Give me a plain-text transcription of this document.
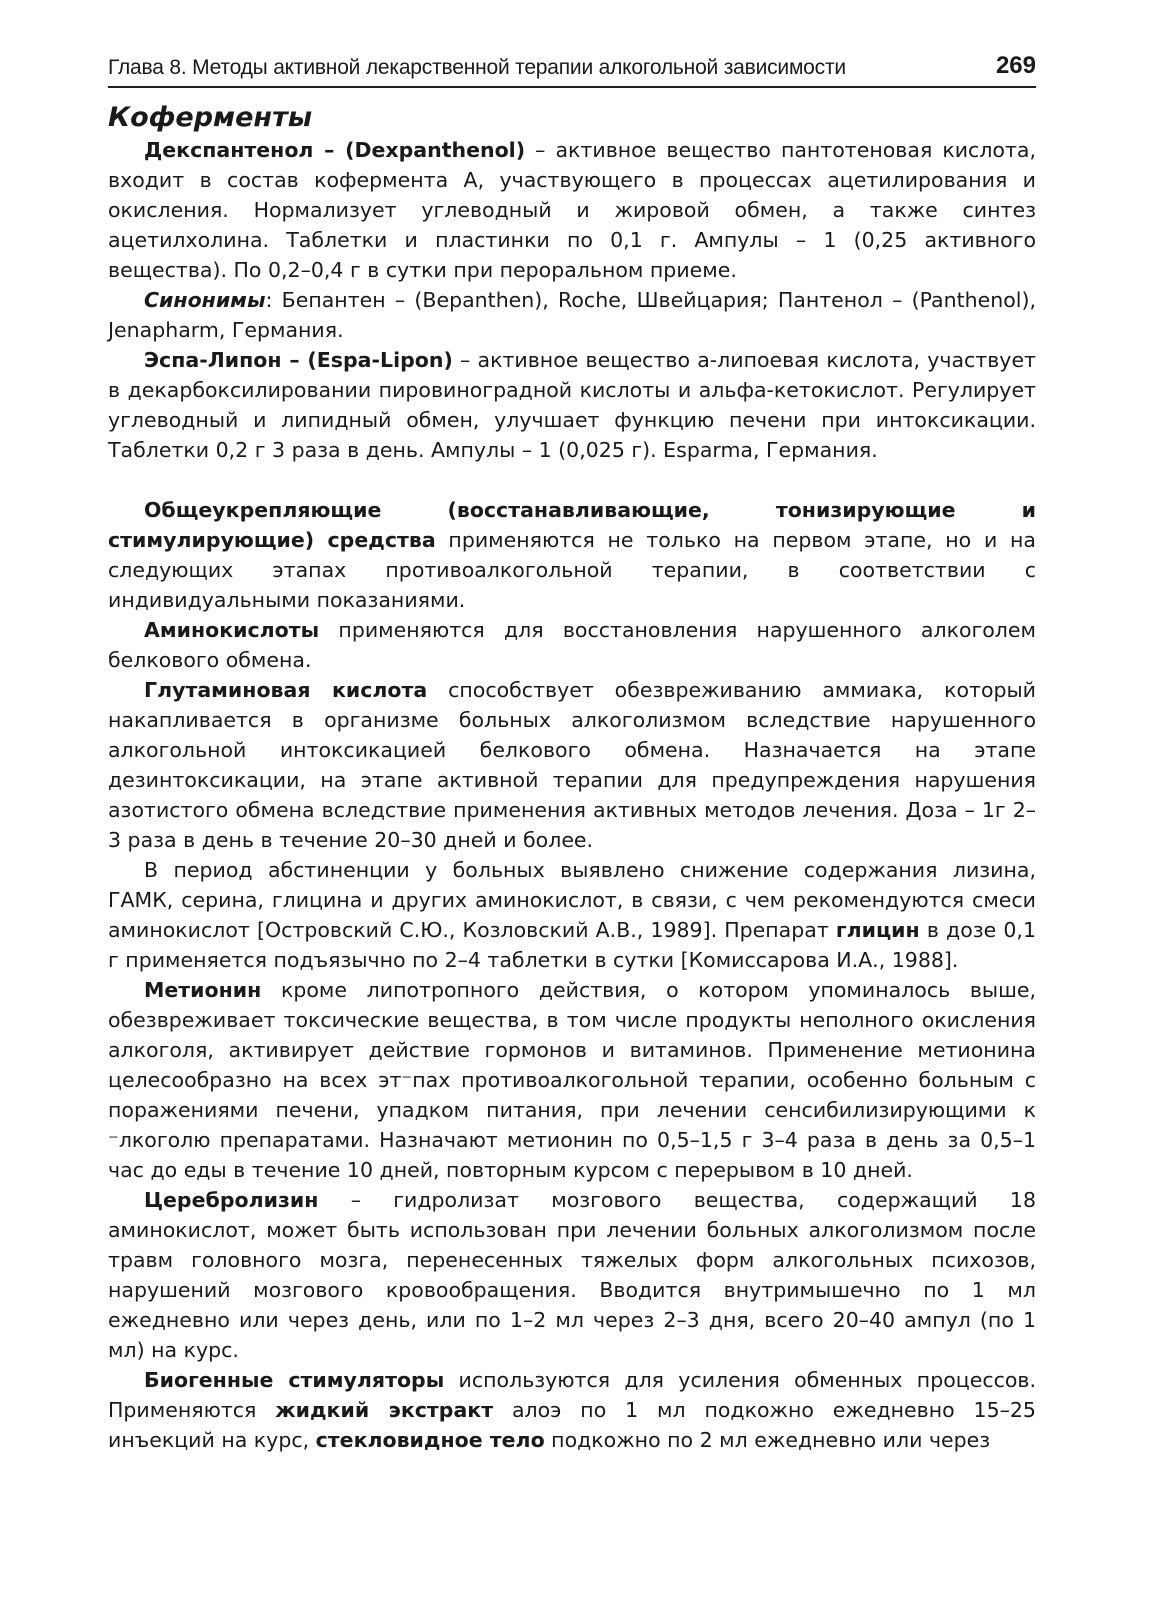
Глава 8. Методы активной лекарственной терапии алкогольной зависимости	269
Коферменты

Декспантенол – (Dexpanthenol) – активное вещество пантотеновая кислота, входит в состав кофермента А, участвующего в процессах ацетилирования и окисления. Нормализует углеводный и жировой обмен, а также синтез ацетилхолина. Таблетки и пластинки по 0,1 г. Ампулы – 1 (0,25 активного вещества). По 0,2–0,4 г в сутки при пероральном приеме.

Синонимы: Бепантен – (Bepanthen), Roche, Швейцария; Пантенол – (Panthenol), Jenapharm, Германия.

Эспа-Липон – (Espa-Lipon) – активное вещество а-липоевая кислота, участвует в декарбоксилировании пировиноградной кислоты и альфа-кетокислот. Регулирует углеводный и липидный обмен, улучшает функцию печени при интоксикации. Таблетки 0,2 г 3 раза в день. Ампулы – 1 (0,025 г). Esparma, Германия.

Общеукрепляющие (восстанавливающие, тонизирующие и стимулирующие) средства применяются не только на первом этапе, но и на следующих этапах противоалкогольной терапии, в соответствии с индивидуальными показаниями.

Аминокислоты применяются для восстановления нарушенного алкоголем белкового обмена.

Глутаминовая кислота способствует обезвреживанию аммиака, который накапливается в организме больных алкоголизмом вследствие нарушенного алкогольной интоксикацией белкового обмена. Назначается на этапе дезинтоксикации, на этапе активной терапии для предупреждения нарушения азотистого обмена вследствие применения активных методов лечения. Доза – 1г 2–3 раза в день в течение 20–30 дней и более.

В период абстиненции у больных выявлено снижение содержания лизина, ГАМК, серина, глицина и других аминокислот, в связи, с чем рекомендуются смеси аминокислот [Островский С.Ю., Козловский А.В., 1989]. Препарат глицин в дозе 0,1 г применяется подъязычно по 2–4 таблетки в сутки [Комиссарова И.А., 1988].

Метионин кроме липотропного действия, о котором упоминалось выше, обезвреживает токсические вещества, в том числе продукты неполного окисления алкоголя, активирует действие гормонов и витаминов. Применение метионина целесообразно на всех эт⁻пах противоалкогольной терапии, особенно больным с поражениями печени, упадком питания, при лечении сенсибилизирующими к ⁻лкоголю препаратами. Назначают метионин по 0,5–1,5 г 3–4 раза в день за 0,5–1 час до еды в течение 10 дней, повторным курсом с перерывом в 10 дней.

Церебролизин – гидролизат мозгового вещества, содержащий 18 аминокислот, может быть использован при лечении больных алкоголизмом после травм головного мозга, перенесенных тяжелых форм алкогольных психозов, нарушений мозгового кровообращения. Вводится внутримышечно по 1 мл ежедневно или через день, или по 1–2 мл через 2–3 дня, всего 20–40 ампул (по 1 мл) на курс.

Биогенные стимуляторы используются для усиления обменных процессов. Применяются жидкий экстракт алоэ по 1 мл подкожно ежедневно 15–25 инъекций на курс, стекловидное тело подкожно по 2 мл ежедневно или через
